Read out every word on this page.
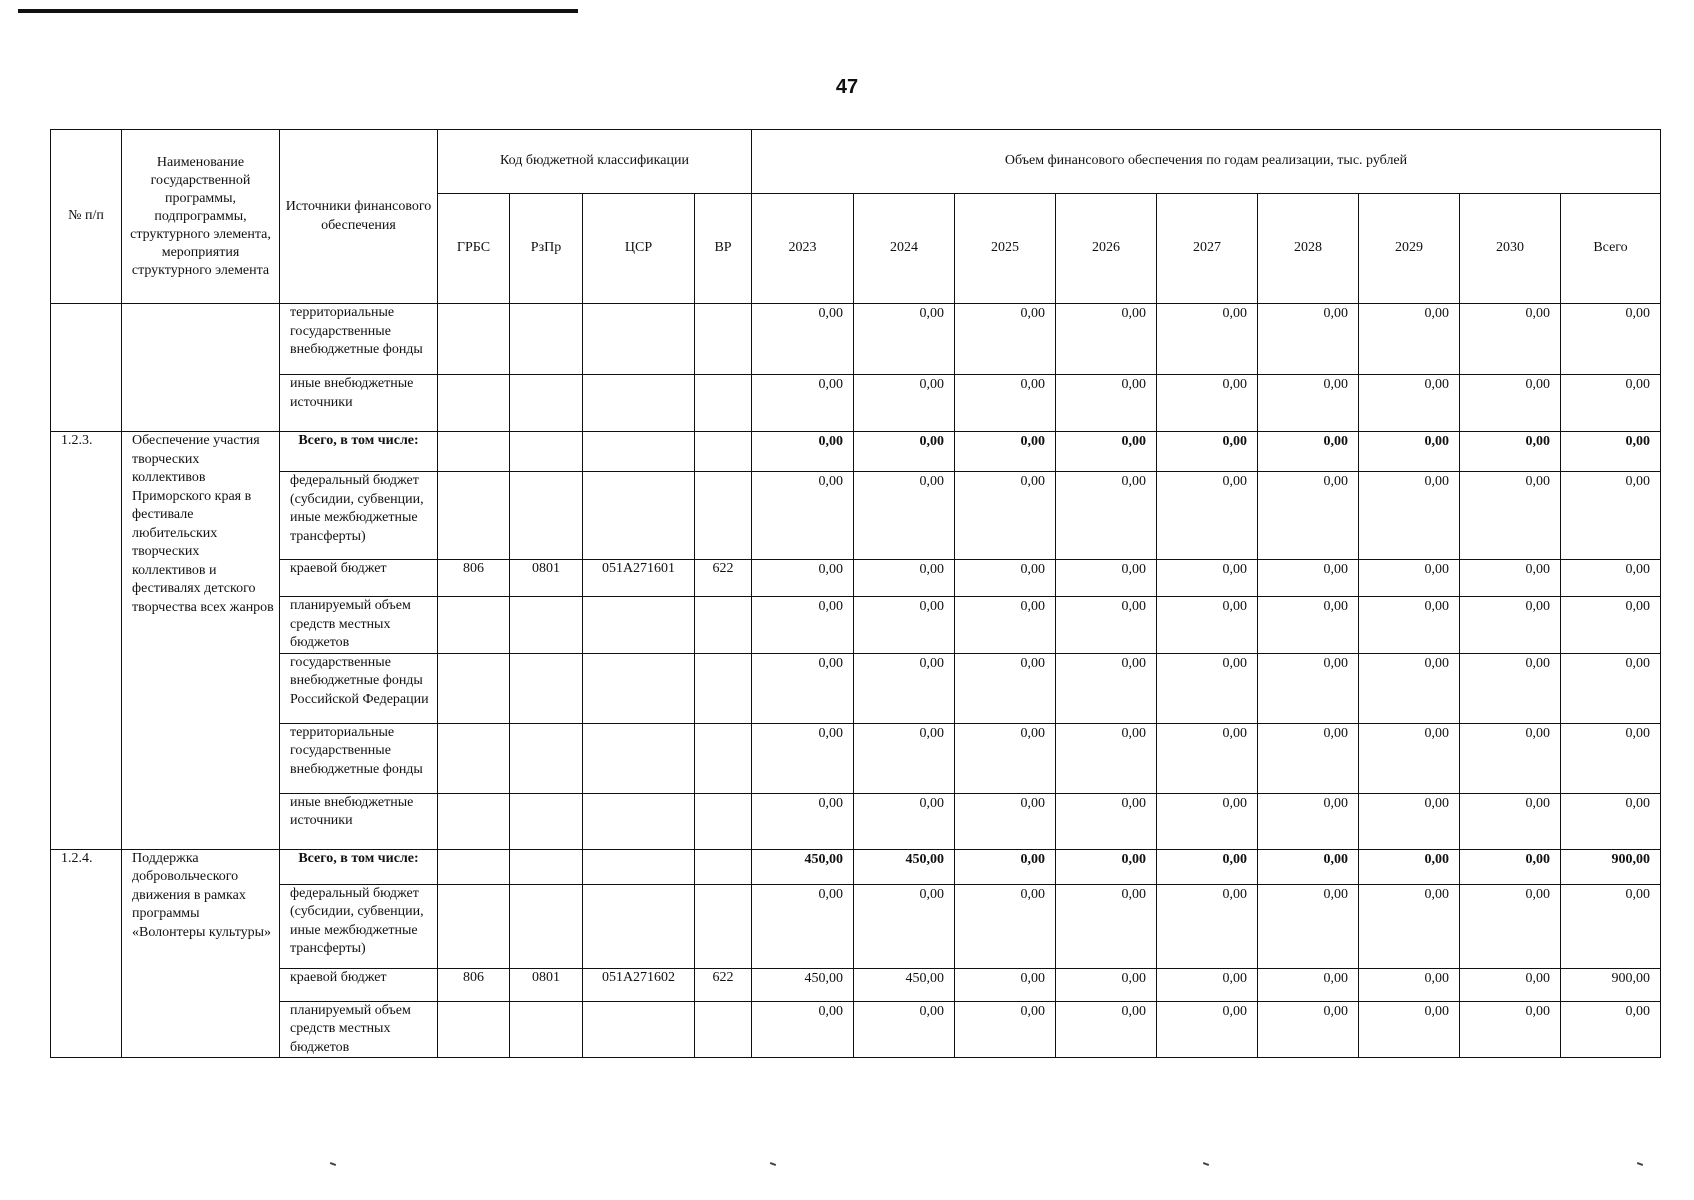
47
№ п/п	Наименование государственной программы, подпрограммы, структурного элемента, мероприятия структурного элемента	Источники финансового обеспечения	Код бюджетной классификации				Объем финансового обеспечения по годам реализации, тыс. рублей								
			ГРБС	РзПр	ЦСР	ВР	2023	2024	2025	2026	2027	2028	2029	2030	Всего
		территориальные государственные внебюджетные фонды					0,00	0,00	0,00	0,00	0,00	0,00	0,00	0,00	0,00
		иные внебюджетные источники					0,00	0,00	0,00	0,00	0,00	0,00	0,00	0,00	0,00
1.2.3.	Обеспечение участия творческих коллективов Приморского края в фестивале любительских творческих коллективов и фестивалях детского творчества всех жанров	Всего, в том числе:					0,00	0,00	0,00	0,00	0,00	0,00	0,00	0,00	0,00
		федеральный бюджет (субсидии, субвенции, иные межбюджетные трансферты)					0,00	0,00	0,00	0,00	0,00	0,00	0,00	0,00	0,00
		краевой бюджет	806	0801	051А271601	622	0,00	0,00	0,00	0,00	0,00	0,00	0,00	0,00	0,00
		планируемый объем средств местных бюджетов					0,00	0,00	0,00	0,00	0,00	0,00	0,00	0,00	0,00
		государственные внебюджетные фонды Российской Федерации					0,00	0,00	0,00	0,00	0,00	0,00	0,00	0,00	0,00
		территориальные государственные внебюджетные фонды					0,00	0,00	0,00	0,00	0,00	0,00	0,00	0,00	0,00
		иные внебюджетные источники					0,00	0,00	0,00	0,00	0,00	0,00	0,00	0,00	0,00
1.2.4.	Поддержка добровольческого движения в рамках программы «Волонтеры культуры»	Всего, в том числе:					450,00	450,00	0,00	0,00	0,00	0,00	0,00	0,00	900,00
		федеральный бюджет (субсидии, субвенции, иные межбюджетные трансферты)					0,00	0,00	0,00	0,00	0,00	0,00	0,00	0,00	0,00
		краевой бюджет	806	0801	051А271602	622	450,00	450,00	0,00	0,00	0,00	0,00	0,00	0,00	900,00
		планируемый объем средств местных бюджетов					0,00	0,00	0,00	0,00	0,00	0,00	0,00	0,00	0,00
